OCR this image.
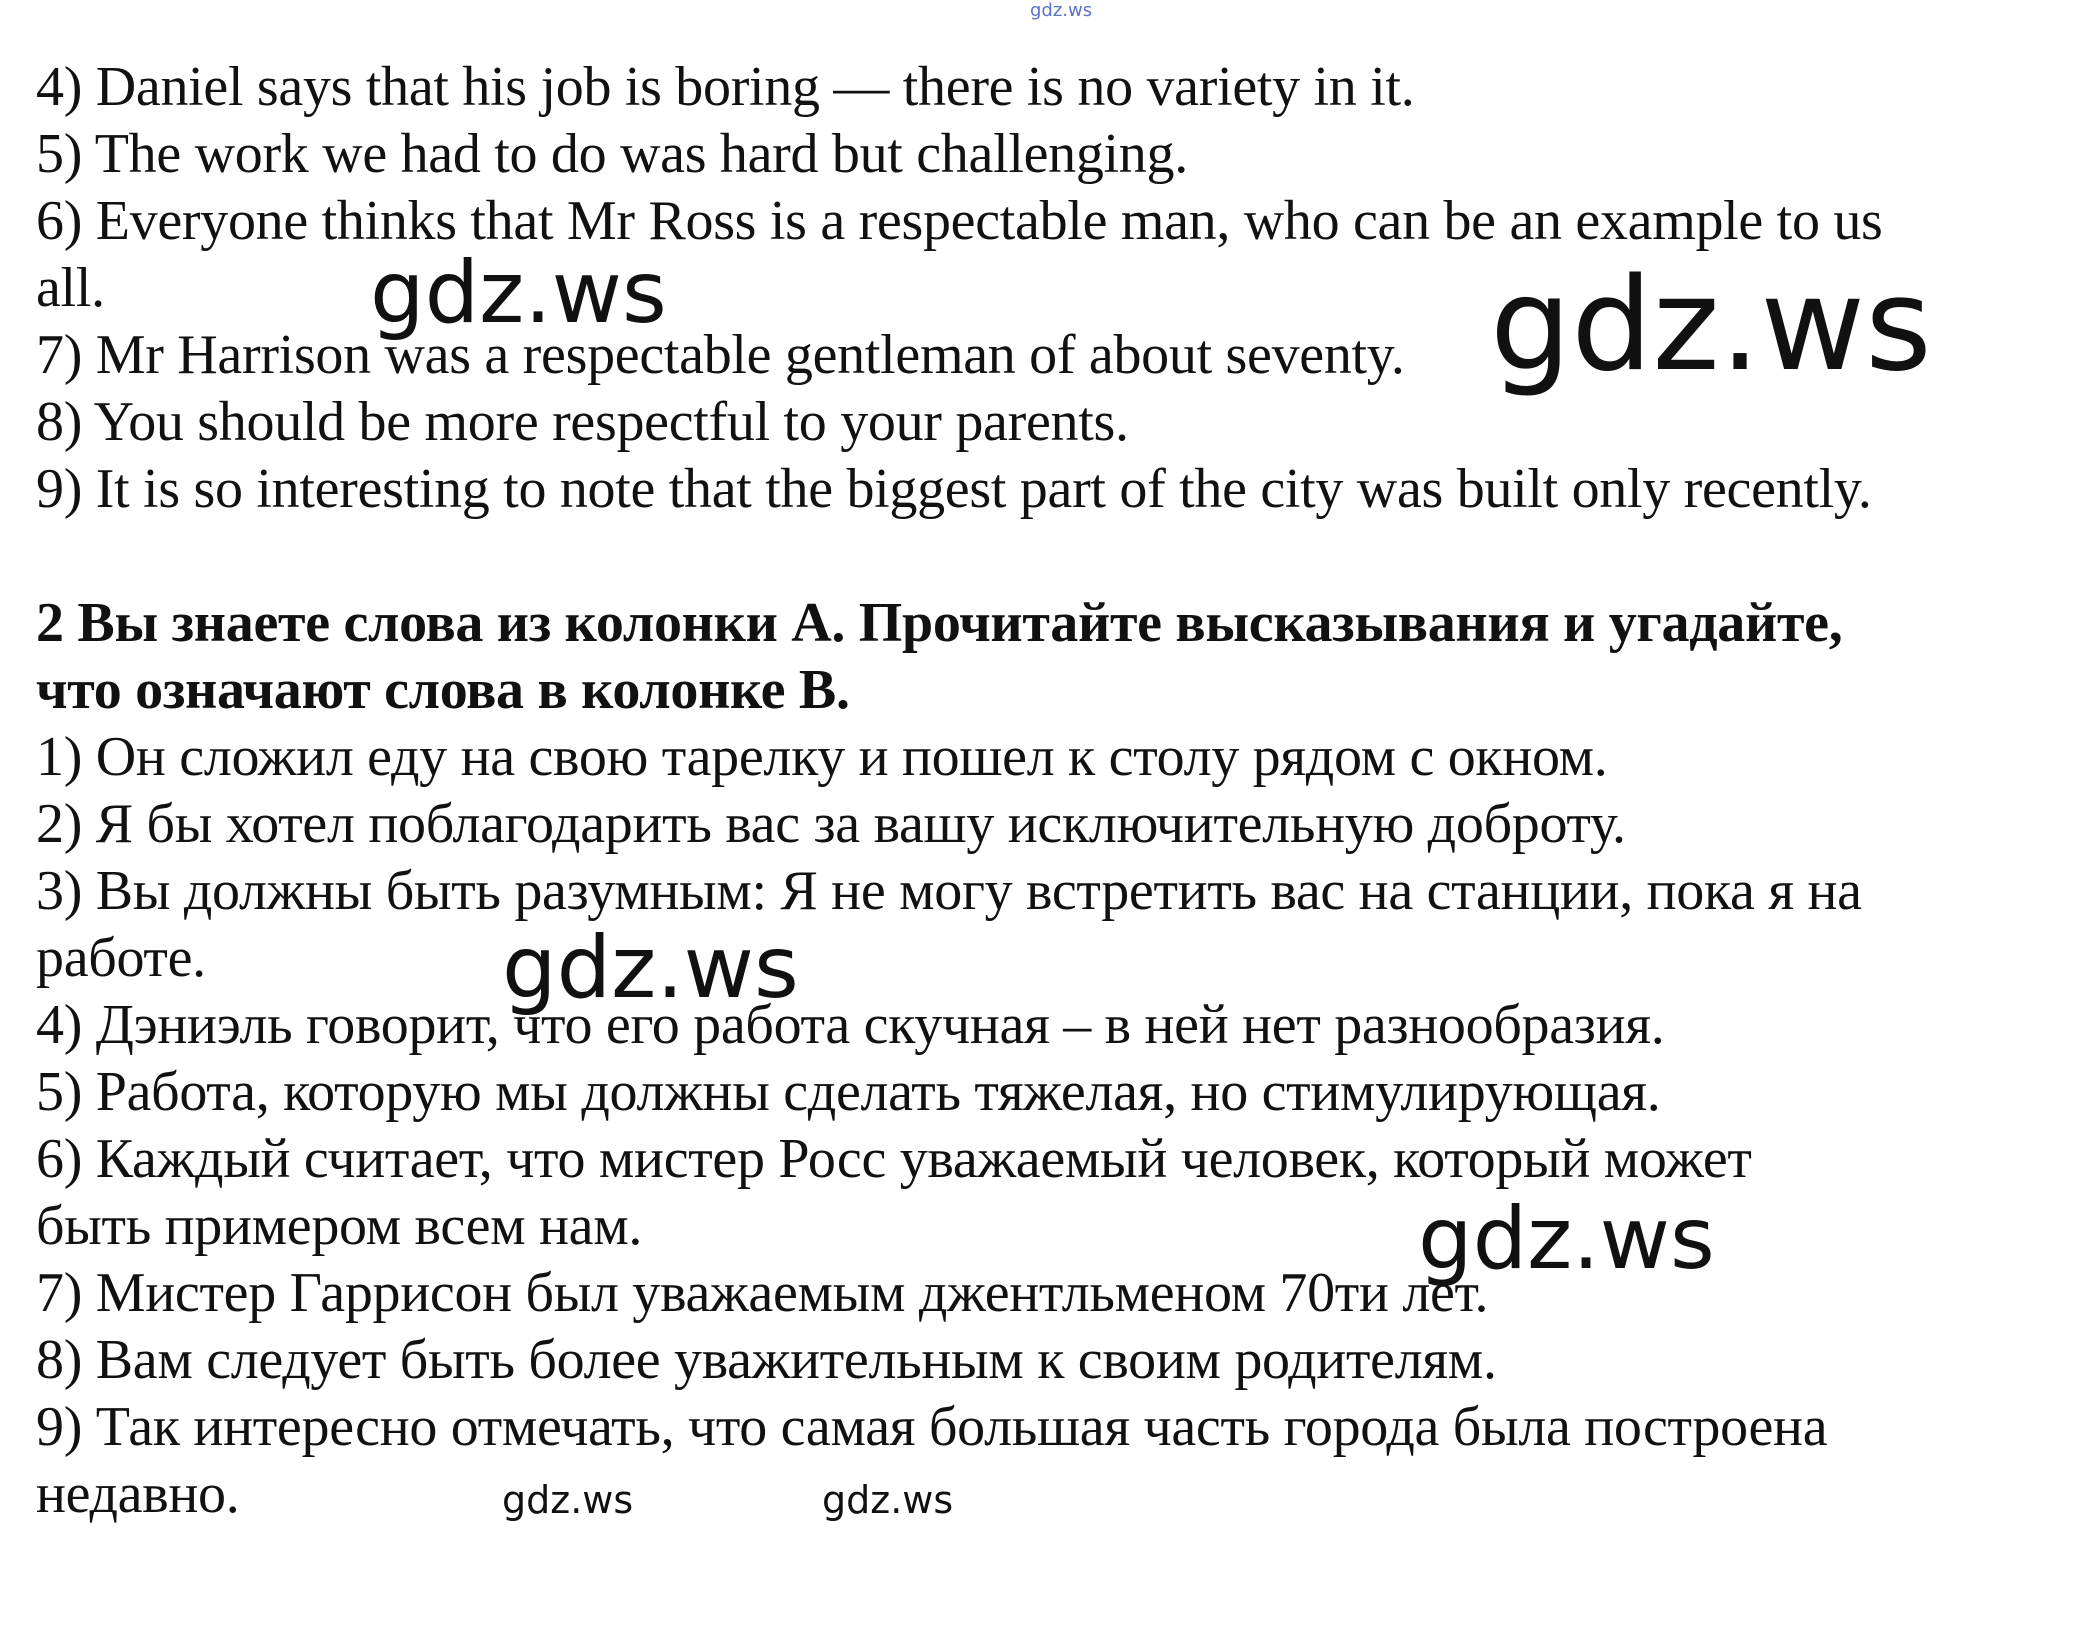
gdz.ws

4) Daniel says that his job is boring — there is no variety in it.

5) The work we had to do was hard but challenging.

6) Everyone thinks that Mr Ross is a respectable man, who can be an example to us

all.

7) Mr Harrison was a respectable gentleman of about seventy.

8) You should be more respectful to your parents.

9) It is so interesting to note that the biggest part of the city was built only recently.

2 Вы знаете слова из колонки А. Прочитайте высказывания и угадайте,

что означают слова в колонке В.

1) Он сложил еду на свою тарелку и пошел к столу рядом с окном.

2) Я бы хотел поблагодарить вас за вашу исключительную доброту.

3) Вы должны быть разумным: Я не могу встретить вас на станции, пока я на

работе.

4) Дэниэль говорит, что его работа скучная – в ней нет разнообразия.

5) Работа, которую мы должны сделать тяжелая, но стимулирующая.

6) Каждый считает, что мистер Росс уважаемый человек, который может

быть примером всем нам.

7) Мистер Гаррисон был уважаемым джентльменом 70ти лет.

8) Вам следует быть более уважительным к своим родителям.

9) Так интересно отмечать, что самая большая часть города была построена

недавно.

gdz.ws	gdz.ws
gdz.ws
gdz.ws
gdz.ws	gdz.ws
